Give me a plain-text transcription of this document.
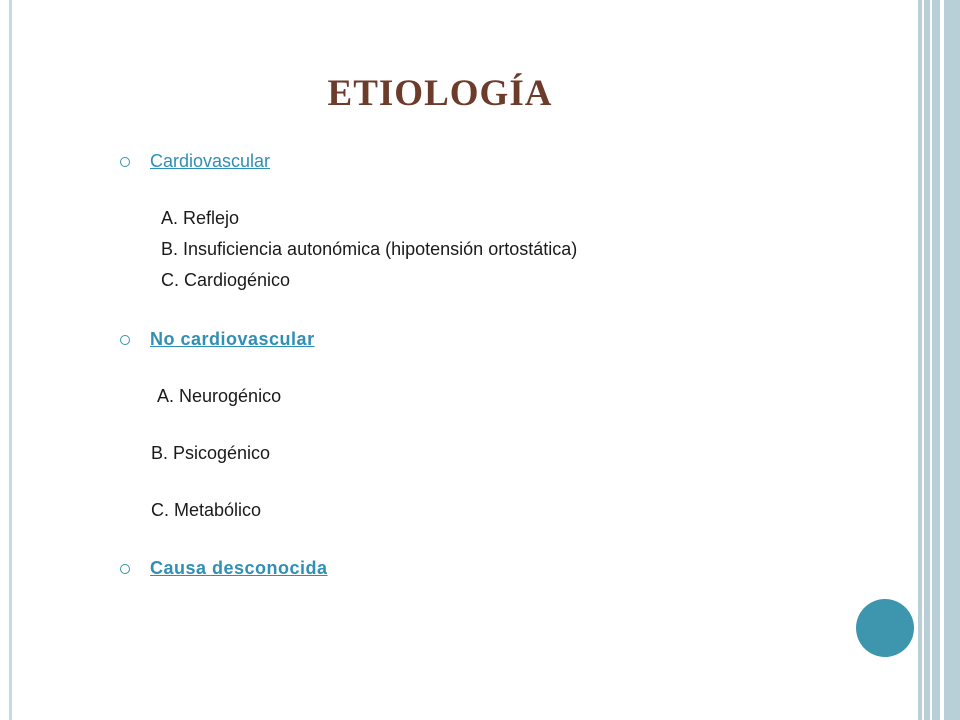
ETIOLOGÍA
Cardiovascular
A. Reflejo
B. Insuficiencia autonómica (hipotensión ortostática)
C. Cardiogénico
No cardiovascular
A. Neurogénico
B. Psicogénico
C. Metabólico
Causa desconocida
